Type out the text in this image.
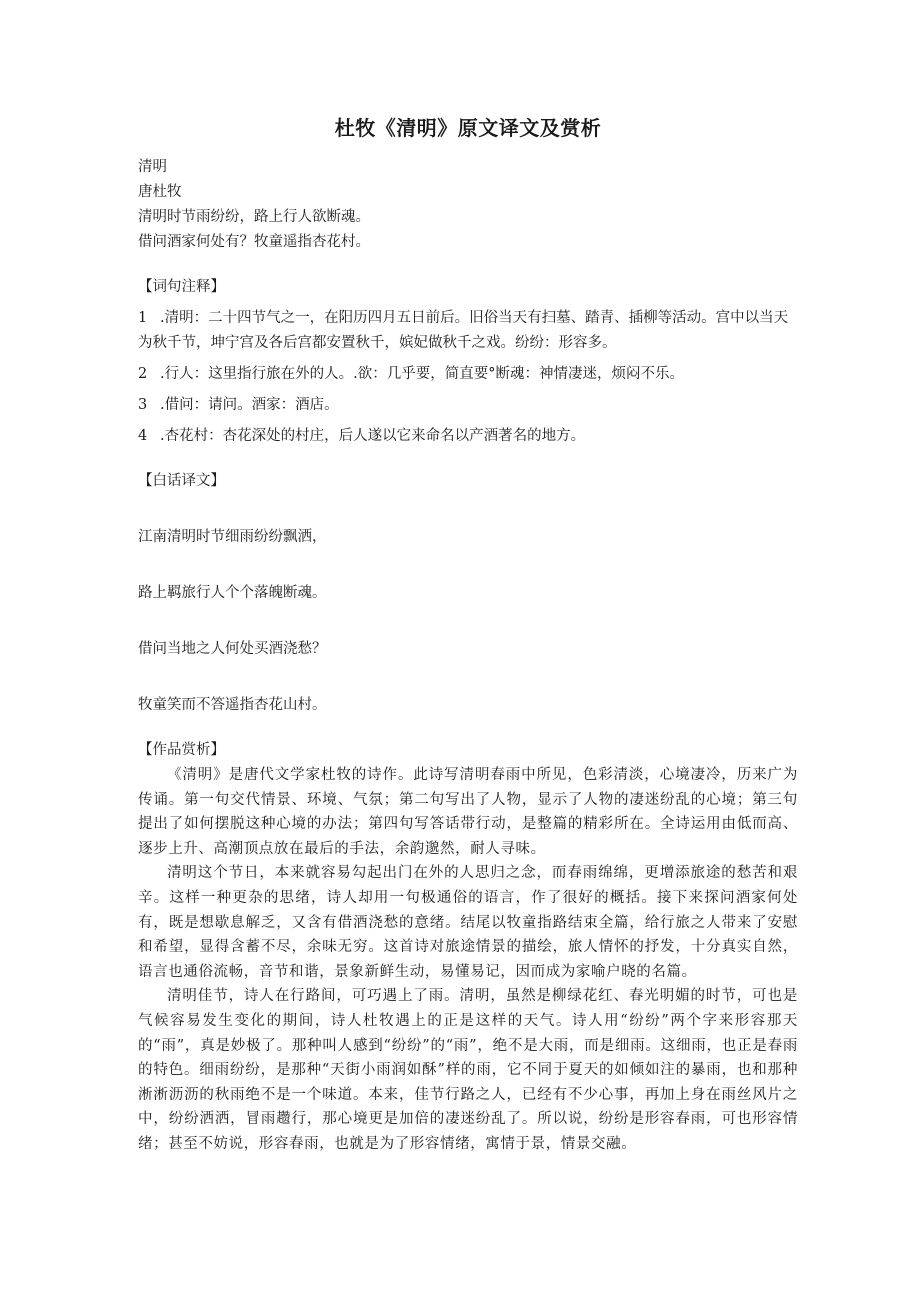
杜牧《清明》原文译文及赏析
清明
唐杜牧
清明时节雨纷纷，路上行人欲断魂。
借问酒家何处有？牧童遥指杏花村。
【词句注释】
1 .清明：二十四节气之一，在阳历四月五日前后。旧俗当天有扫墓、踏青、插柳等活动。宫中以当天为秋千节，坤宁宫及各后宫都安置秋千，嫔妃做秋千之戏。纷纷：形容多。
2 .行人：这里指行旅在外的人。.欲：几乎要，简直要°断魂：神情凄迷，烦闷不乐。
3 .借问：请问。酒家：酒店。
4 .杏花村：杏花深处的村庄，后人遂以它来命名以产酒著名的地方。
【白话译文】
江南清明时节细雨纷纷飘洒，
路上羁旅行人个个落魄断魂。
借问当地之人何处买酒浇愁？
牧童笑而不答遥指杏花山村。
【作品赏析】

《清明》是唐代文学家杜牧的诗作。此诗写清明春雨中所见，色彩清淡，心境凄冷，历来广为传诵。第一句交代情景、环境、气氛；第二句写出了人物，显示了人物的凄迷纷乱的心境；第三句提出了如何摆脱这种心境的办法；第四句写答话带行动，是整篇的精彩所在。全诗运用由低而高、逐步上升、高潮顶点放在最后的手法，余韵邈然，耐人寻味。

清明这个节日，本来就容易勾起出门在外的人思归之念，而春雨绵绵，更增添旅途的愁苦和艰辛。这样一种更杂的思绪，诗人却用一句极通俗的语言，作了很好的概括。接下来探问酒家何处有，既是想歇息解乏，又含有借酒浇愁的意绪。结尾以牧童指路结束全篇，给行旅之人带来了安慰和希望，显得含蓄不尽，余味无穷。这首诗对旅途情景的描绘，旅人情怀的抒发，十分真实自然，语言也通俗流畅，音节和谐，景象新鲜生动，易懂易记，因而成为家喻户晓的名篇。

清明佳节，诗人在行路间，可巧遇上了雨。清明，虽然是柳绿花红、春光明媚的时节，可也是气候容易发生变化的期间，诗人杜牧遇上的正是这样的天气。诗人用“纷纷”两个字来形容那天的“雨”，真是妙极了。那种叫人感到“纷纷”的“雨”，绝不是大雨，而是细雨。这细雨，也正是春雨的特色。细雨纷纷，是那种“天街小雨润如酥”样的雨，它不同于夏天的如倾如注的暴雨，也和那种淅淅沥沥的秋雨绝不是一个味道。本来，佳节行路之人，已经有不少心事，再加上身在雨丝风片之中，纷纷洒洒，冒雨趱行，那心境更是加倍的凄迷纷乱了。所以说，纷纷是形容春雨，可也形容情绪；甚至不妨说，形容春雨，也就是为了形容情绪，寓情于景，情景交融。
